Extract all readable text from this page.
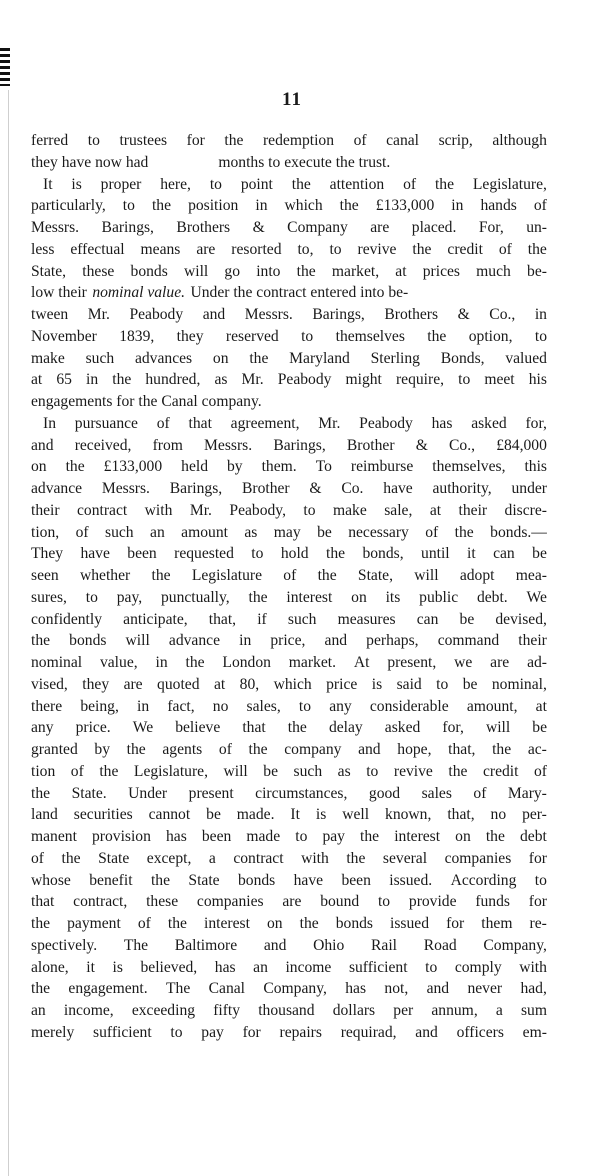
11
ferred to trustees for the redemption of canal scrip, although
they have now had	months to execute the trust.
It is proper here, to point the attention of the Legislature,
particularly, to the position in which the £133,000 in hands of
Messrs. Barings, Brothers & Company are placed. For, un-
less effectual means are resorted to, to revive the credit of the
State, these bonds will go into the market, at prices much be-
low their nominal value. Under the contract entered into be-
tween Mr. Peabody and Messrs. Barings, Brothers & Co., in
November 1839, they reserved to themselves the option, to
make such advances on the Maryland Sterling Bonds, valued
at 65 in the hundred, as Mr. Peabody might require, to meet his
engagements for the Canal company.
In pursuance of that agreement, Mr. Peabody has asked for,
and received, from Messrs. Barings, Brother & Co., £84,000
on the £133,000 held by them. To reimburse themselves, this
advance Messrs. Barings, Brother & Co. have authority, under
their contract with Mr. Peabody, to make sale, at their discre-
tion, of such an amount as may be necessary of the bonds.—
They have been requested to hold the bonds, until it can be
seen whether the Legislature of the State, will adopt mea-
sures, to pay, punctually, the interest on its public debt. We
confidently anticipate, that, if such measures can be devised,
the bonds will advance in price, and perhaps, command their
nominal value, in the London market. At present, we are ad-
vised, they are quoted at 80, which price is said to be nominal,
there being, in fact, no sales, to any considerable amount, at
any price. We believe that the delay asked for, will be
granted by the agents of the company and hope, that, the ac-
tion of the Legislature, will be such as to revive the credit of
the State. Under present circumstances, good sales of Mary-
land securities cannot be made. It is well known, that, no per-
manent provision has been made to pay the interest on the debt
of the State except, a contract with the several companies for
whose benefit the State bonds have been issued. According to
that contract, these companies are bound to provide funds for
the payment of the interest on the bonds issued for them re-
spectively. The Baltimore and Ohio Rail Road Company,
alone, it is believed, has an income sufficient to comply with
the engagement. The Canal Company, has not, and never had,
an income, exceeding fifty thousand dollars per annum, a sum
merely sufficient to pay for repairs requirad, and officers em-
